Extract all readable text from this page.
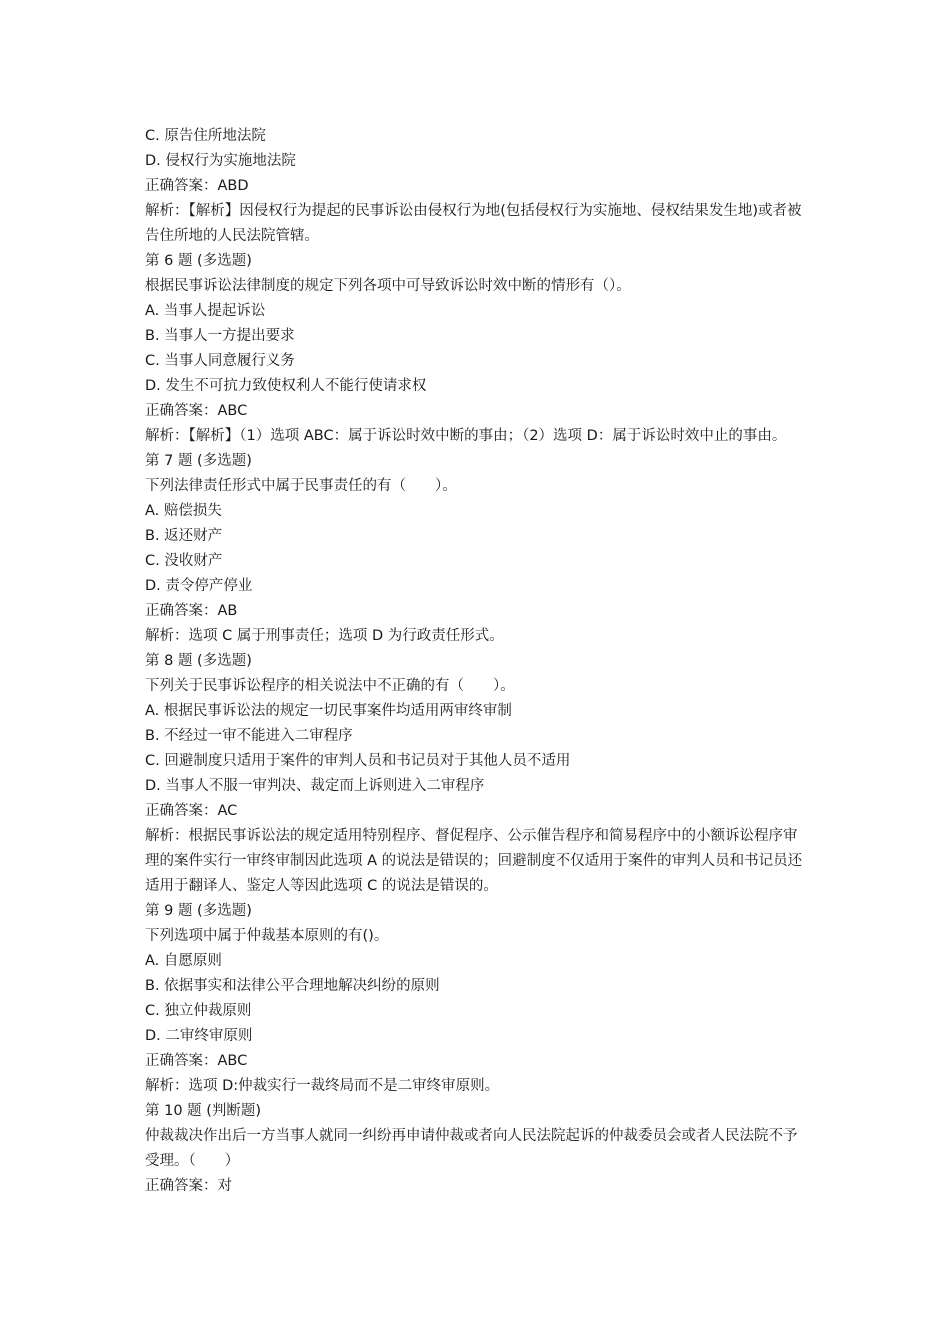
C. 原告住所地法院

D. 侵权行为实施地法院

正确答案：ABD

解析：【解析】因侵权行为提起的民事诉讼由侵权行为地(包括侵权行为实施地、侵权结果发生地)或者被告住所地的人民法院管辖。

第 6 题 (多选题)

根据民事诉讼法律制度的规定下列各项中可导致诉讼时效中断的情形有（）。

A. 当事人提起诉讼

B. 当事人一方提出要求

C. 当事人同意履行义务

D. 发生不可抗力致使权利人不能行使请求权

正确答案：ABC

解析：【解析】（1）选项 ABC：属于诉讼时效中断的事由；（2）选项 D：属于诉讼时效中止的事由。

第 7 题 (多选题)

下列法律责任形式中属于民事责任的有（　　）。

A. 赔偿损失

B. 返还财产

C. 没收财产

D. 责令停产停业

正确答案：AB

解析：选项 C 属于刑事责任；选项 D 为行政责任形式。

第 8 题 (多选题)

下列关于民事诉讼程序的相关说法中不正确的有（　　）。

A. 根据民事诉讼法的规定一切民事案件均适用两审终审制

B. 不经过一审不能进入二审程序

C. 回避制度只适用于案件的审判人员和书记员对于其他人员不适用

D. 当事人不服一审判决、裁定而上诉则进入二审程序

正确答案：AC

解析：根据民事诉讼法的规定适用特别程序、督促程序、公示催告程序和简易程序中的小额诉讼程序审理的案件实行一审终审制因此选项 A 的说法是错误的；回避制度不仅适用于案件的审判人员和书记员还适用于翻译人、鉴定人等因此选项 C 的说法是错误的。

第 9 题 (多选题)

下列选项中属于仲裁基本原则的有()。

A. 自愿原则

B. 依据事实和法律公平合理地解决纠纷的原则

C. 独立仲裁原则

D. 二审终审原则

正确答案：ABC

解析：选项 D:仲裁实行一裁终局而不是二审终审原则。

第 10 题 (判断题)

仲裁裁决作出后一方当事人就同一纠纷再申请仲裁或者向人民法院起诉的仲裁委员会或者人民法院不予受理。（　　）

正确答案：对
